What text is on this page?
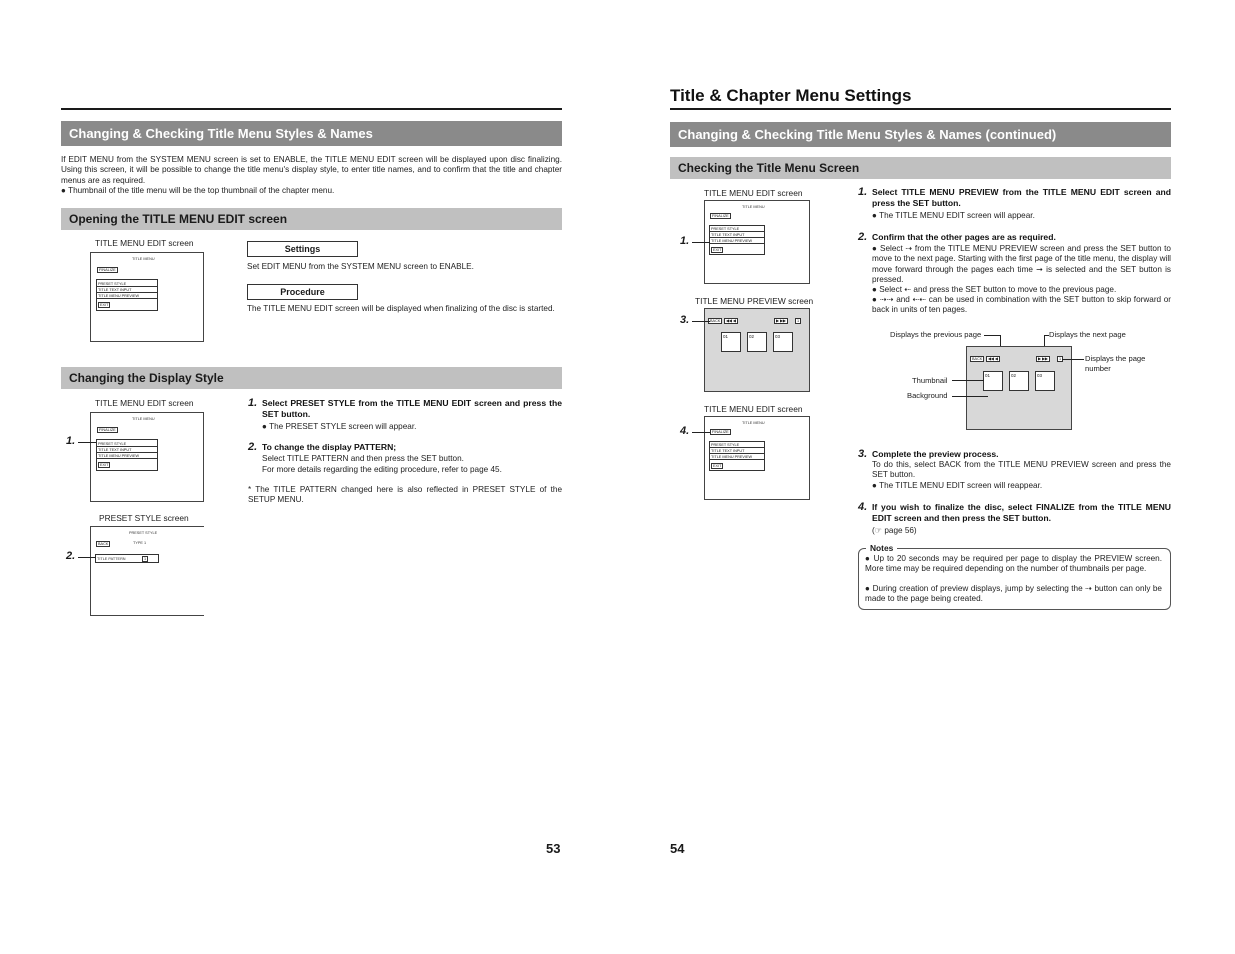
Changing & Checking Title Menu Styles & Names
If EDIT MENU from the SYSTEM MENU screen is set to ENABLE, the TITLE MENU EDIT screen will be displayed upon disc finalizing. Using this screen, it will be possible to change the title menu's display style, to enter title names, and to confirm that the title and chapter menus are as required.
● Thumbnail of the title menu will be the top thumbnail of the chapter menu.
Opening the TITLE MENU EDIT screen
TITLE MENU EDIT screen
TITLE MENU
FINALIZE
PRESET STYLE
TITLE TEXT INPUT
TITLE MENU PREVIEW
EXIT
Settings
Set EDIT MENU from the SYSTEM MENU screen to ENABLE.
Procedure
The TITLE MENU EDIT screen will be displayed when finalizing of the disc is started.
Changing the Display Style
TITLE MENU EDIT screen
TITLE MENU
FINALIZE
PRESET STYLE
TITLE TEXT INPUT
TITLE MENU PREVIEW
EXIT
1.
1. Select PRESET STYLE from the TITLE MENU EDIT screen and press the SET button.
● The PRESET STYLE screen will appear.
2. To change the display PATTERN;
Select TITLE PATTERN and then press the SET button.
For more details regarding the editing procedure, refer to page 45.
* The TITLE PATTERN changed here is also reflected in PRESET STYLE of the SETUP MENU.
PRESET STYLE screen
PRESET STYLE
BACK	TYPE 1
TITLE PATTERN	1
2.
53
Title & Chapter Menu Settings
Changing & Checking Title Menu Styles & Names (continued)
Checking the Title Menu Screen
TITLE MENU EDIT screen
TITLE MENU
FINALIZE
PRESET STYLE
TITLE TEXT INPUT
TITLE MENU PREVIEW
EXIT
1.
TITLE MENU PREVIEW screen
BACK	◀◀ ◀	▶ ▶▶	1
01	02	03
3.
TITLE MENU EDIT screen
TITLE MENU
FINALIZE
PRESET STYLE
TITLE TEXT INPUT
TITLE MENU PREVIEW
EXIT
4.
1. Select TITLE MENU PREVIEW from the TITLE MENU EDIT screen and press the SET button.
● The TITLE MENU EDIT screen will appear.
2. Confirm that the other pages are as required.
● Select ⇢ from the TITLE MENU PREVIEW screen and press the SET button to move to the next page. Starting with the first page of the title menu, the display will move forward through the pages each time ➞ is selected and the SET button is pressed.
● Select ⇠ and press the SET button to move to the previous page.
● ⇢⇢ and ⇠⇠ can be used in combination with the SET button to skip forward or back in units of ten pages.
Displays the previous page	Displays the next page
BACK	◀◀ ◀	▶ ▶▶	1
01	02	03
Displays the page number
Thumbnail
Background
3. Complete the preview process.
To do this, select BACK from the TITLE MENU PREVIEW screen and press the SET button.
● The TITLE MENU EDIT screen will reappear.
4. If you wish to finalize the disc, select FINALIZE from the TITLE MENU EDIT screen and then press the SET button.
(☞ page 56)
Notes
● Up to 20 seconds may be required per page to display the PREVIEW screen. More time may be required depending on the number of thumbnails per page.
● During creation of preview displays, jump by selecting the ⇢ button can only be made to the page being created.
54
